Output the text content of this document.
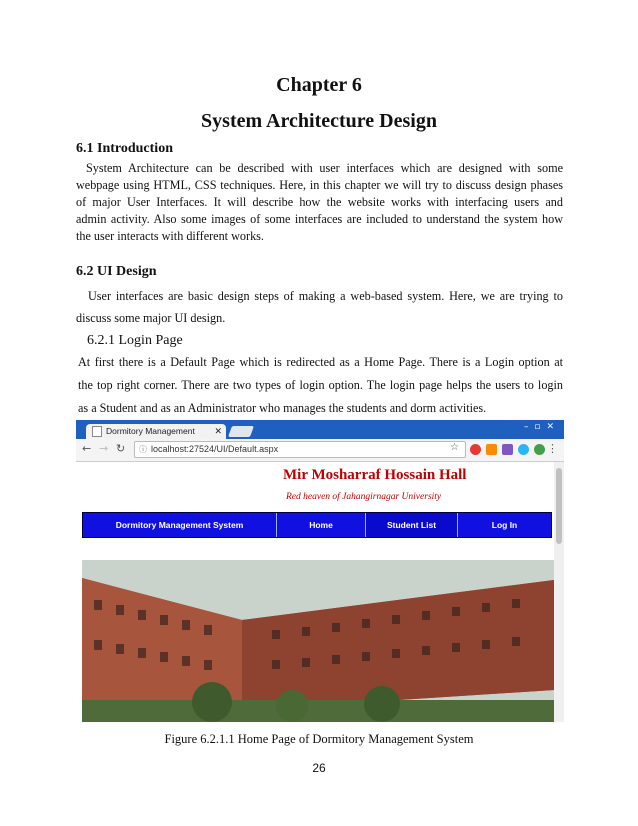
Chapter 6
System Architecture Design
6.1 Introduction
System Architecture can be described with user interfaces which are designed with some
webpage using HTML, CSS techniques. Here, in this chapter we will try to discuss design phases
of major User Interfaces. It will describe how the website works with interfacing users and
admin activity. Also some images of some interfaces are included to understand the system how
the user interacts with different works.
6.2 UI Design
User interfaces are basic design steps of making a web-based system. Here, we are trying to
discuss some major UI design.
6.2.1 Login Page
At first there is a Default Page which is redirected as a Home Page. There is a Login option at
the top right corner. There are two types of login option. The login page helps the users to login
as a Student and as an Administrator who manages the students and dorm activities.
Dormitory Management ✕	–▫✕
← → ↻	ⓘ localhost:27524/UI/Default.aspx	☆	⋮
Mir Mosharraf Hossain Hall
Red heaven of Jahangirnagar University
Dormitory Management System	Home	Student List	Log In
Figure 6.2.1.1 Home Page of Dormitory Management System
26
